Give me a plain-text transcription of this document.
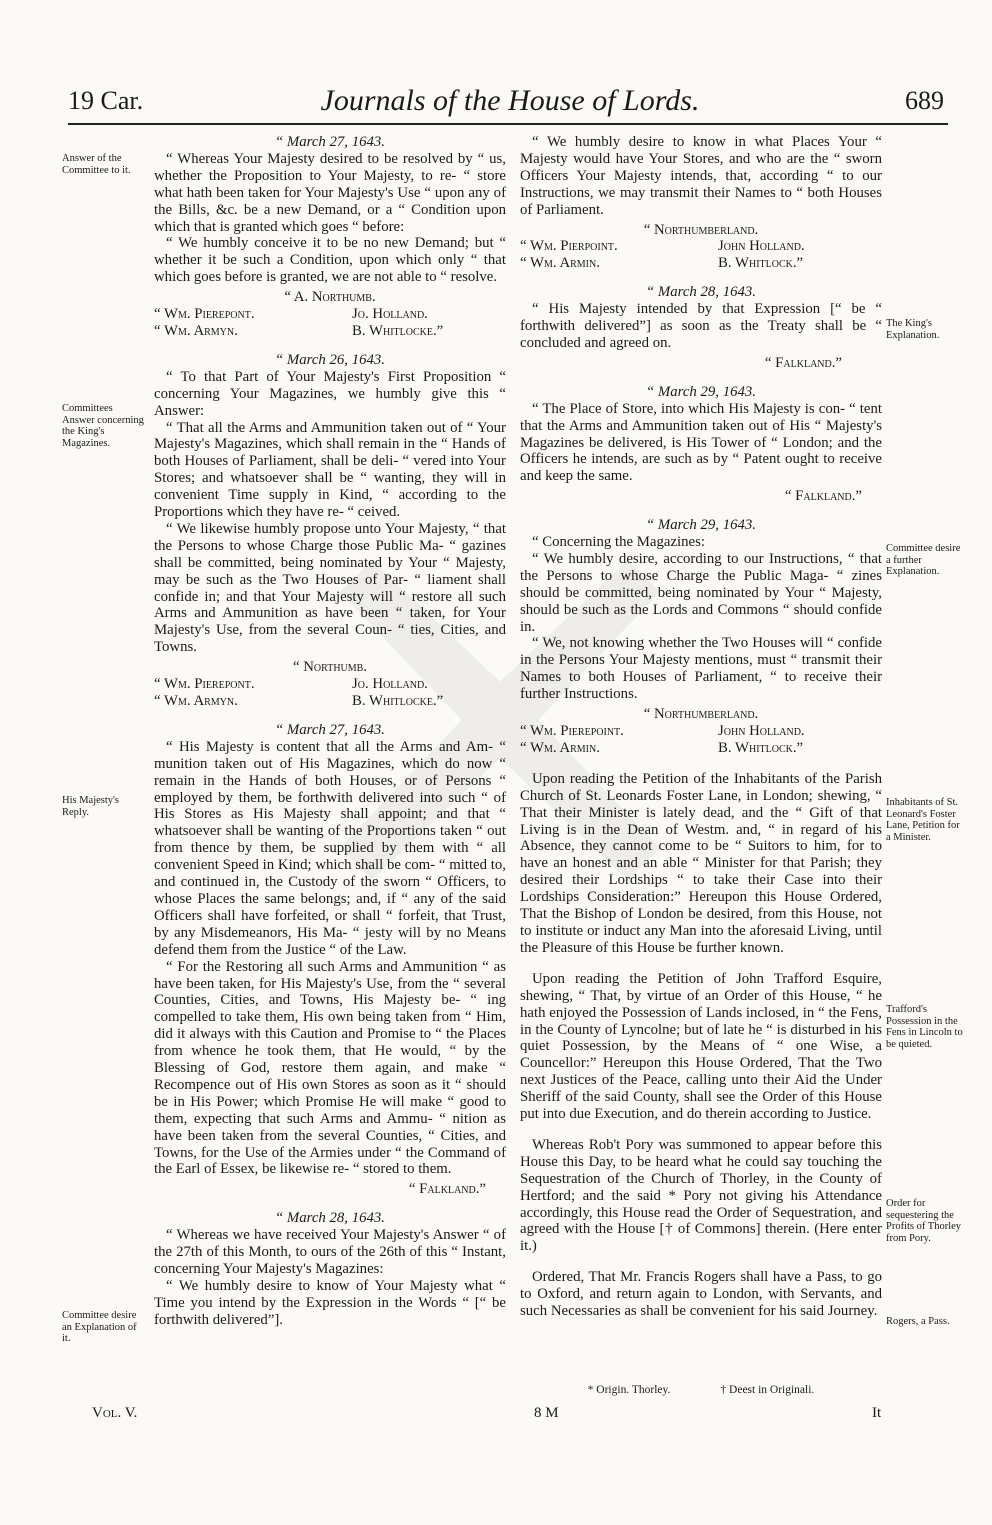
19 Car.	Journals of the House of Lords.	689
Answer of the Committee to it.
Committees Answer concerning the King's Magazines.
His Majesty's Reply.
Committee desire an Explanation of it.
The King's Explanation.
Committee desire a further Explanation.
Inhabitants of St. Leonard's Foster Lane, Petition for a Minister.
Trafford's Possession in the Fens in Lincoln to be quieted.
Order for sequestering the Profits of Thorley from Pory.
Rogers, a Pass.

“ March 27, 1643.

“ Whereas Your Majesty desired to be resolved by “ us, whether the Proposition to Your Majesty, to re- “ store what hath been taken for Your Majesty's Use “ upon any of the Bills, &c. be a new Demand, or a “ Condition upon which that is granted which goes “ before:

“ We humbly conceive it to be no new Demand; but “ whether it be such a Condition, upon which only “ that which goes before is granted, we are not able to “ resolve.

“ A. Northumb.

“ Wm. Pierepont.	Jo. Holland.
“ Wm. Armyn.	B. Whitlocke.”

“ March 26, 1643.

“ To that Part of Your Majesty's First Proposition “ concerning Your Magazines, we humbly give this “ Answer:

“ That all the Arms and Ammunition taken out of “ Your Majesty's Magazines, which shall remain in the “ Hands of both Houses of Parliament, shall be deli- “ vered into Your Stores; and whatsoever shall be “ wanting, they will in convenient Time supply in Kind, “ according to the Proportions which they have re- “ ceived.

“ We likewise humbly propose unto Your Majesty, “ that the Persons to whose Charge those Public Ma- “ gazines shall be committed, being nominated by Your “ Majesty, may be such as the Two Houses of Par- “ liament shall confide in; and that Your Majesty will “ restore all such Arms and Ammunition as have been “ taken, for Your Majesty's Use, from the several Coun- “ ties, Cities, and Towns.

“ Northumb.

“ Wm. Pierepont.	Jo. Holland.
“ Wm. Armyn.	B. Whitlocke.”

“ March 27, 1643.

“ His Majesty is content that all the Arms and Am- “ munition taken out of His Magazines, which do now “ remain in the Hands of both Houses, or of Persons “ employed by them, be forthwith delivered into such “ of His Stores as His Majesty shall appoint; and that “ whatsoever shall be wanting of the Proportions taken “ out from thence by them, be supplied by them with “ all convenient Speed in Kind; which shall be com- “ mitted to, and continued in, the Custody of the sworn “ Officers, to whose Places the same belongs; and, if “ any of the said Officers shall have forfeited, or shall “ forfeit, that Trust, by any Misdemeanors, His Ma- “ jesty will by no Means defend them from the Justice “ of the Law.

“ For the Restoring all such Arms and Ammunition “ as have been taken, for His Majesty's Use, from the “ several Counties, Cities, and Towns, His Majesty be- “ ing compelled to take them, His own being taken from “ Him, did it always with this Caution and Promise to “ the Places from whence he took them, that He would, “ by the Blessing of God, restore them again, and make “ Recompence out of His own Stores as soon as it “ should be in His Power; which Promise He will make “ good to them, expecting that such Arms and Ammu- “ nition as have been taken from the several Counties, “ Cities, and Towns, for the Use of the Armies under “ the Command of the Earl of Essex, be likewise re- “ stored to them.

“ Falkland.”

“ March 28, 1643.

“ Whereas we have received Your Majesty's Answer “ of the 27th of this Month, to ours of the 26th of this “ Instant, concerning Your Majesty's Magazines:

“ We humbly desire to know of Your Majesty what “ Time you intend by the Expression in the Words “ [“ be forthwith delivered”].

“ We humbly desire to know in what Places Your “ Majesty would have Your Stores, and who are the “ sworn Officers Your Majesty intends, that, according “ to our Instructions, we may transmit their Names to “ both Houses of Parliament.

“ Northumberland.

“ Wm. Pierpoint.	John Holland.
“ Wm. Armin.	B. Whitlock.”

“ March 28, 1643.

“ His Majesty intended by that Expression [“ be “ forthwith delivered”] as soon as the Treaty shall be “ concluded and agreed on.

“ Falkland.”

“ March 29, 1643.

“ The Place of Store, into which His Majesty is con- “ tent that the Arms and Ammunition taken out of His “ Majesty's Magazines be delivered, is His Tower of “ London; and the Officers he intends, are such as by “ Patent ought to receive and keep the same.

“ Falkland.”

“ March 29, 1643.

“ Concerning the Magazines:

“ We humbly desire, according to our Instructions, “ that the Persons to whose Charge the Public Maga- “ zines should be committed, being nominated by Your “ Majesty, should be such as the Lords and Commons “ should confide in.

“ We, not knowing whether the Two Houses will “ confide in the Persons Your Majesty mentions, must “ transmit their Names to both Houses of Parliament, “ to receive their further Instructions.

“ Northumberland.

“ Wm. Pierepoint.	John Holland.
“ Wm. Armin.	B. Whitlock.”

Upon reading the Petition of the Inhabitants of the Parish Church of St. Leonards Foster Lane, in London; shewing, “ That their Minister is lately dead, and the “ Gift of that Living is in the Dean of Westm. and, “ in regard of his Absence, they cannot come to be “ Suitors to him, for to have an honest and an able “ Minister for that Parish; they desired their Lordships “ to take their Case into their Lordships Consideration:” Hereupon this House Ordered, That the Bishop of London be desired, from this House, not to institute or induct any Man into the aforesaid Living, until the Pleasure of this House be further known.

Upon reading the Petition of John Trafford Esquire, shewing, “ That, by virtue of an Order of this House, “ he hath enjoyed the Possession of Lands inclosed, in “ the Fens, in the County of Lyncolne; but of late he “ is disturbed in his quiet Possession, by the Means of “ one Wise, a Councellor:” Hereupon this House Ordered, That the Two next Justices of the Peace, calling unto their Aid the Under Sheriff of the said County, shall see the Order of this House put into due Execution, and do therein according to Justice.

Whereas Rob't Pory was summoned to appear before this House this Day, to be heard what he could say touching the Sequestration of the Church of Thorley, in the County of Hertford; and the said * Pory not giving his Attendance accordingly, this House read the Order of Sequestration, and agreed with the House [† of Commons] therein. (Here enter it.)

Ordered, That Mr. Francis Rogers shall have a Pass, to go to Oxford, and return again to London, with Servants, and such Necessaries as shall be convenient for his said Journey.

* Origin. Thorley.	† Deest in Originali.
Vol. V.	8 M	It
